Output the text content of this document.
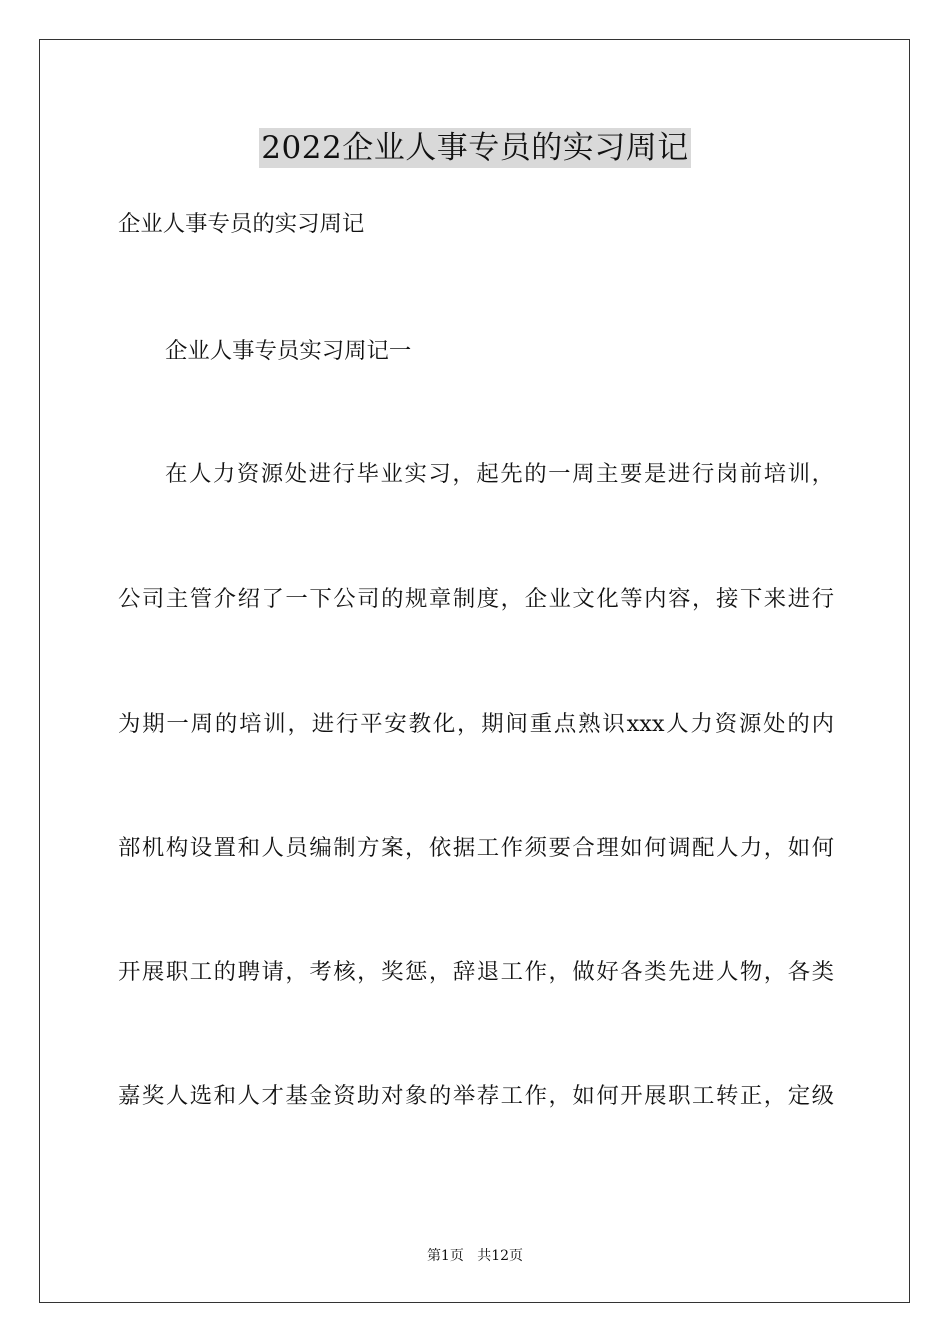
2022企业人事专员的实习周记
企业人事专员的实习周记
企业人事专员实习周记一
在人力资源处进行毕业实习，起先的一周主要是进行岗前培训，
公司主管介绍了一下公司的规章制度，企业文化等内容，接下来进行
为期一周的培训，进行平安教化，期间重点熟识xxx人力资源处的内
部机构设置和人员编制方案，依据工作须要合理如何调配人力，如何
开展职工的聘请，考核，奖惩，辞退工作，做好各类先进人物，各类
嘉奖人选和人才基金资助对象的举荐工作，如何开展职工转正，定级
第1页 共12页
